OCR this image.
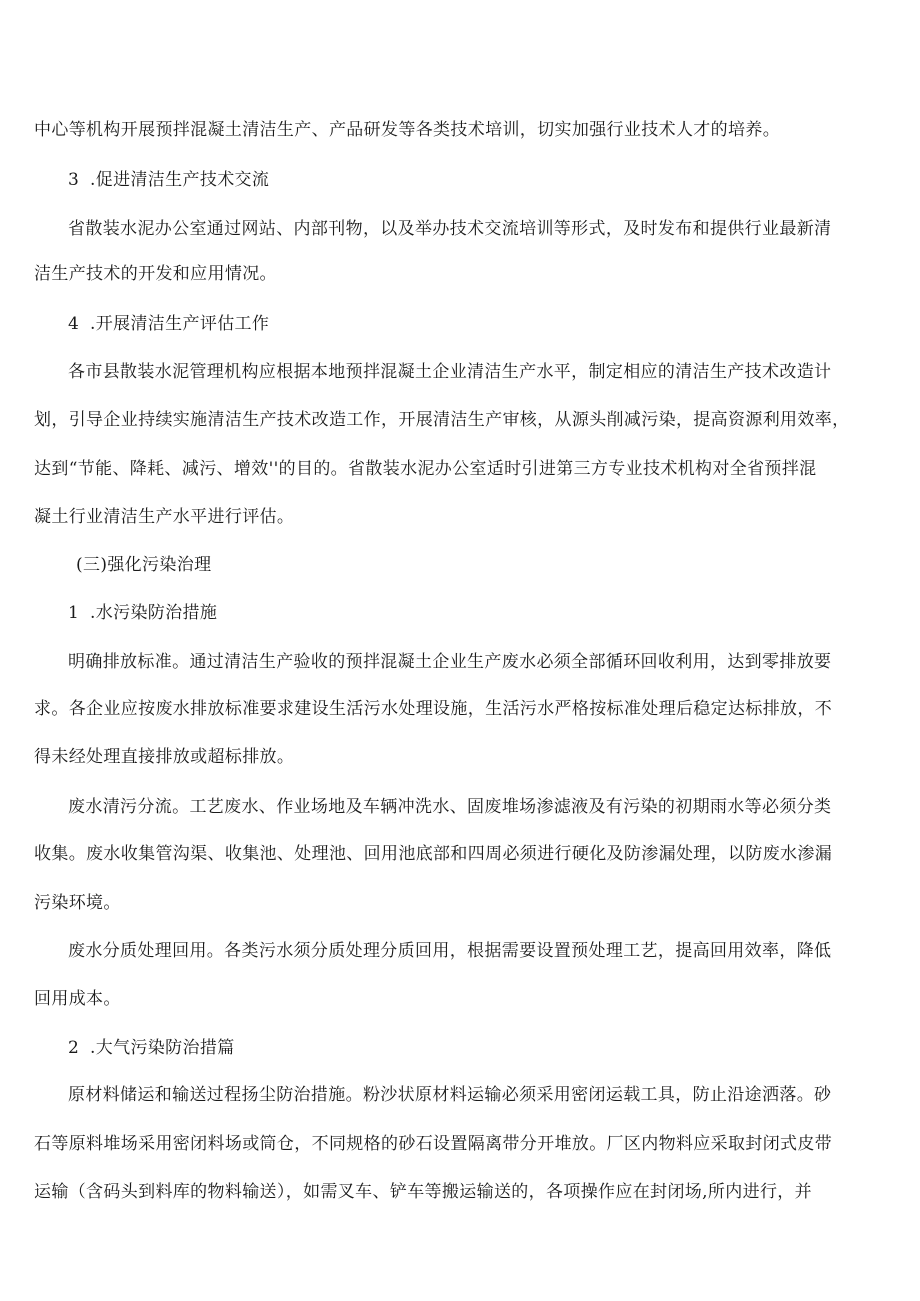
中心等机构开展预拌混凝土清洁生产、产品研发等各类技术培训，切实加强行业技术人才的培养。
3 .促进清洁生产技术交流
省散装水泥办公室通过网站、内部刊物，以及举办技术交流培训等形式，及时发布和提供行业最新清
洁生产技术的开发和应用情况。
4 .开展清洁生产评估工作
各市县散装水泥管理机构应根据本地预拌混凝土企业清洁生产水平，制定相应的清洁生产技术改造计
划，引导企业持续实施清洁生产技术改造工作，开展清洁生产审核，从源头削减污染，提高资源利用效率，
达到“节能、降耗、减污、增效''的目的。省散装水泥办公室适时引进第三方专业技术机构对全省预拌混
凝土行业清洁生产水平进行评估。
(三)强化污染治理
1 .水污染防治措施
明确排放标准。通过清洁生产验收的预拌混凝土企业生产废水必须全部循环回收利用，达到零排放要
求。各企业应按废水排放标准要求建设生活污水处理设施，生活污水严格按标准处理后稳定达标排放，不
得未经处理直接排放或超标排放。
废水清污分流。工艺废水、作业场地及车辆冲洗水、固废堆场渗滤液及有污染的初期雨水等必须分类
收集。废水收集管沟渠、收集池、处理池、回用池底部和四周必须进行硬化及防渗漏处理，以防废水渗漏
污染环境。
废水分质处理回用。各类污水须分质处理分质回用，根据需要设置预处理工艺，提高回用效率，降低
回用成本。
2 .大气污染防治措篇
原材料储运和输送过程扬尘防治措施。粉沙状原材料运输必须采用密闭运载工具，防止沿途洒落。砂
石等原料堆场采用密闭料场或筒仓，不同规格的砂石设置隔离带分开堆放。厂区内物料应采取封闭式皮带
运输（含码头到料库的物料输送），如需叉车、铲车等搬运输送的，各项操作应在封闭场,所内进行，并
